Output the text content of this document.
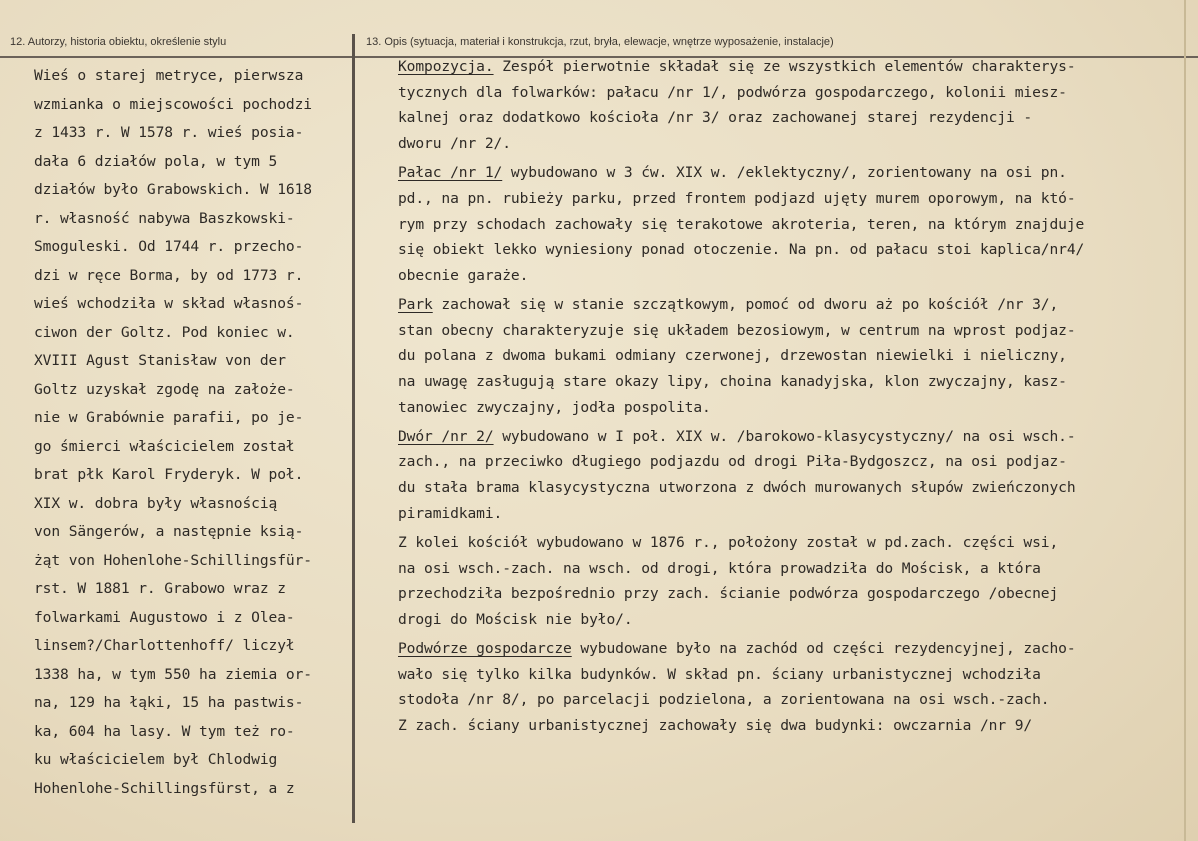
12. Autorzy, historia obiektu, określenie stylu	13. Opis (sytuacja, materiał i konstrukcja, rzut, bryła, elewacje, wnętrze wyposażenie, instalacje)
Wieś o starej metryce, pierwsza
wzmianka o miejscowości pochodzi
z 1433 r. W 1578 r. wieś posia-
dała 6 działów pola, w tym 5
działów było Grabowskich. W 1618
r. własność nabywa Baszkowski-
Smoguleski. Od 1744 r. przecho-
dzi w ręce Borma, by od 1773 r.
wieś wchodziła w skład własnoś-
ciwon der Goltz. Pod koniec w.
XVIII Agust Stanisław von der
Goltz uzyskał zgodę na założe-
nie w Grabównie parafii, po je-
go śmierci właścicielem został
brat płk Karol Fryderyk. W poł.
XIX w. dobra były własnością
von Sängerów, a następnie ksią-
żąt von Hohenlohe-Schillingsfür-
rst. W 1881 r. Grabowo wraz z
folwarkami Augustowo i z Olea-
linsem?/Charlottenhoff/ liczył
1338 ha, w tym 550 ha ziemia or-
na, 129 ha łąki, 15 ha pastwis-
ka, 604 ha lasy. W tym też ro-
ku właścicielem był Chlodwig
Hohenlohe-Schillingsfürst, a z
Kompozycja. Zespół pierwotnie składał się ze wszystkich elementów charakterys-
tycznych dla folwarków: pałacu /nr 1/, podwórza gospodarczego, kolonii miesz-
kalnej oraz dodatkowo kościoła /nr 3/ oraz zachowanej starej rezydencji -
dworu /nr 2/.
Pałac /nr 1/ wybudowano w 3 ćw. XIX w. /eklektyczny/, zorientowany na osi pn.
pd., na pn. rubieży parku, przed frontem podjazd ujęty murem oporowym, na któ-
rym przy schodach zachowały się terakotowe akroteria, teren, na którym znajduje
się obiekt lekko wyniesiony ponad otoczenie. Na pn. od pałacu stoi kaplica/nr4/
obecnie garaże.
Park zachował się w stanie szczątkowym, pomoć od dworu aż po kościół /nr 3/,
stan obecny charakteryzuje się układem bezosiowym, w centrum na wprost podjaz-
du polana z dwoma bukami odmiany czerwonej, drzewostan niewielki i nieliczny,
na uwagę zasługują stare okazy lipy, choina kanadyjska, klon zwyczajny, kasz-
tanowiec zwyczajny, jodła pospolita.
Dwór /nr 2/ wybudowano w I poł. XIX w. /barokowo-klasycystyczny/ na osi wsch.-
zach., na przeciwko długiego podjazdu od drogi Piła-Bydgoszcz, na osi podjaz-
du stała brama klasycystyczna utworzona z dwóch murowanych słupów zwieńczonych
piramidkami.
Z kolei kościół wybudowano w 1876 r., położony został w pd.zach. części wsi,
na osi wsch.-zach. na wsch. od drogi, która prowadziła do Mościsk, a która
przechodziła bezpośrednio przy zach. ścianie podwórza gospodarczego /obecnej
drogi do Mościsk nie było/.
Podwórze gospodarcze wybudowane było na zachód od części rezydencyjnej, zacho-
wało się tylko kilka budynków. W skład pn. ściany urbanistycznej wchodziła
stodoła /nr 8/, po parcelacji podzielona, a zorientowana na osi wsch.-zach.
Z zach. ściany urbanistycznej zachowały się dwa budynki: owczarnia /nr 9/
